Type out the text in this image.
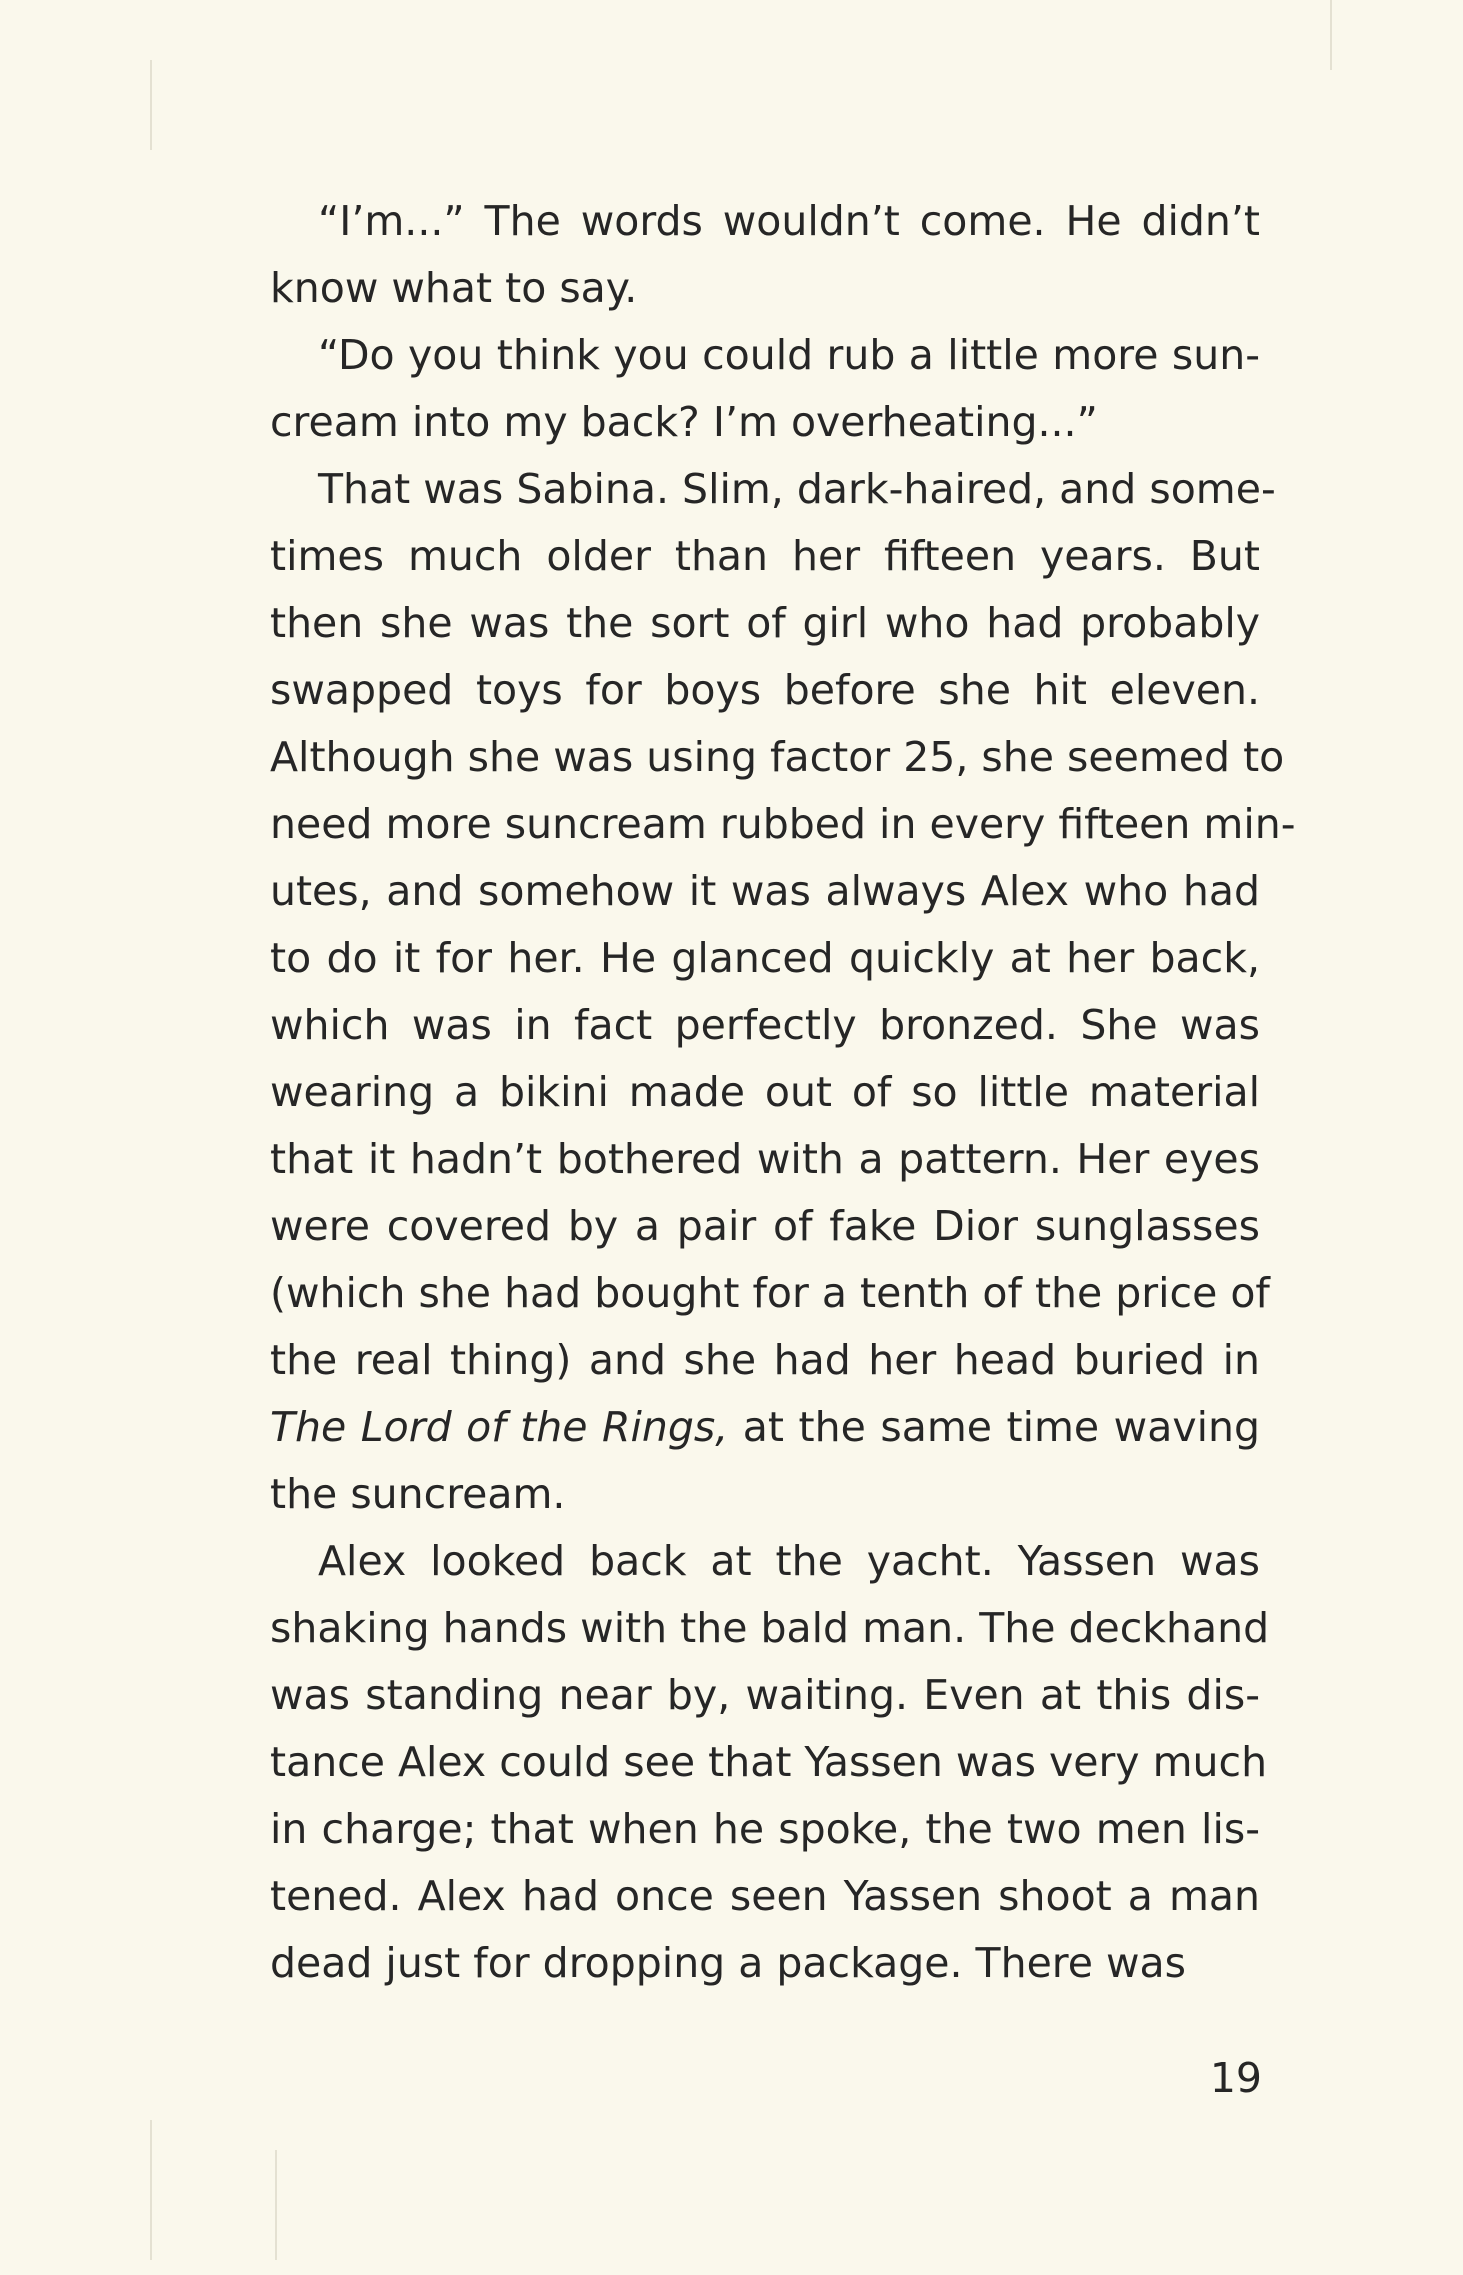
“I’m...” The words wouldn’t come. He didn’t
know what to say.
“Do you think you could rub a little more sun-
cream into my back? I’m overheating...”
That was Sabina. Slim, dark-haired, and some-
times much older than her fifteen years. But
then she was the sort of girl who had probably
swapped toys for boys before she hit eleven.
Although she was using factor 25, she seemed to
need more suncream rubbed in every fifteen min-
utes, and somehow it was always Alex who had
to do it for her. He glanced quickly at her back,
which was in fact perfectly bronzed. She was
wearing a bikini made out of so little material
that it hadn’t bothered with a pattern. Her eyes
were covered by a pair of fake Dior sunglasses
(which she had bought for a tenth of the price of
the real thing) and she had her head buried in
The Lord of the Rings, at the same time waving
the suncream.
Alex looked back at the yacht. Yassen was
shaking hands with the bald man. The deckhand
was standing near by, waiting. Even at this dis-
tance Alex could see that Yassen was very much
in charge; that when he spoke, the two men lis-
tened. Alex had once seen Yassen shoot a man
dead just for dropping a package. There was
19
